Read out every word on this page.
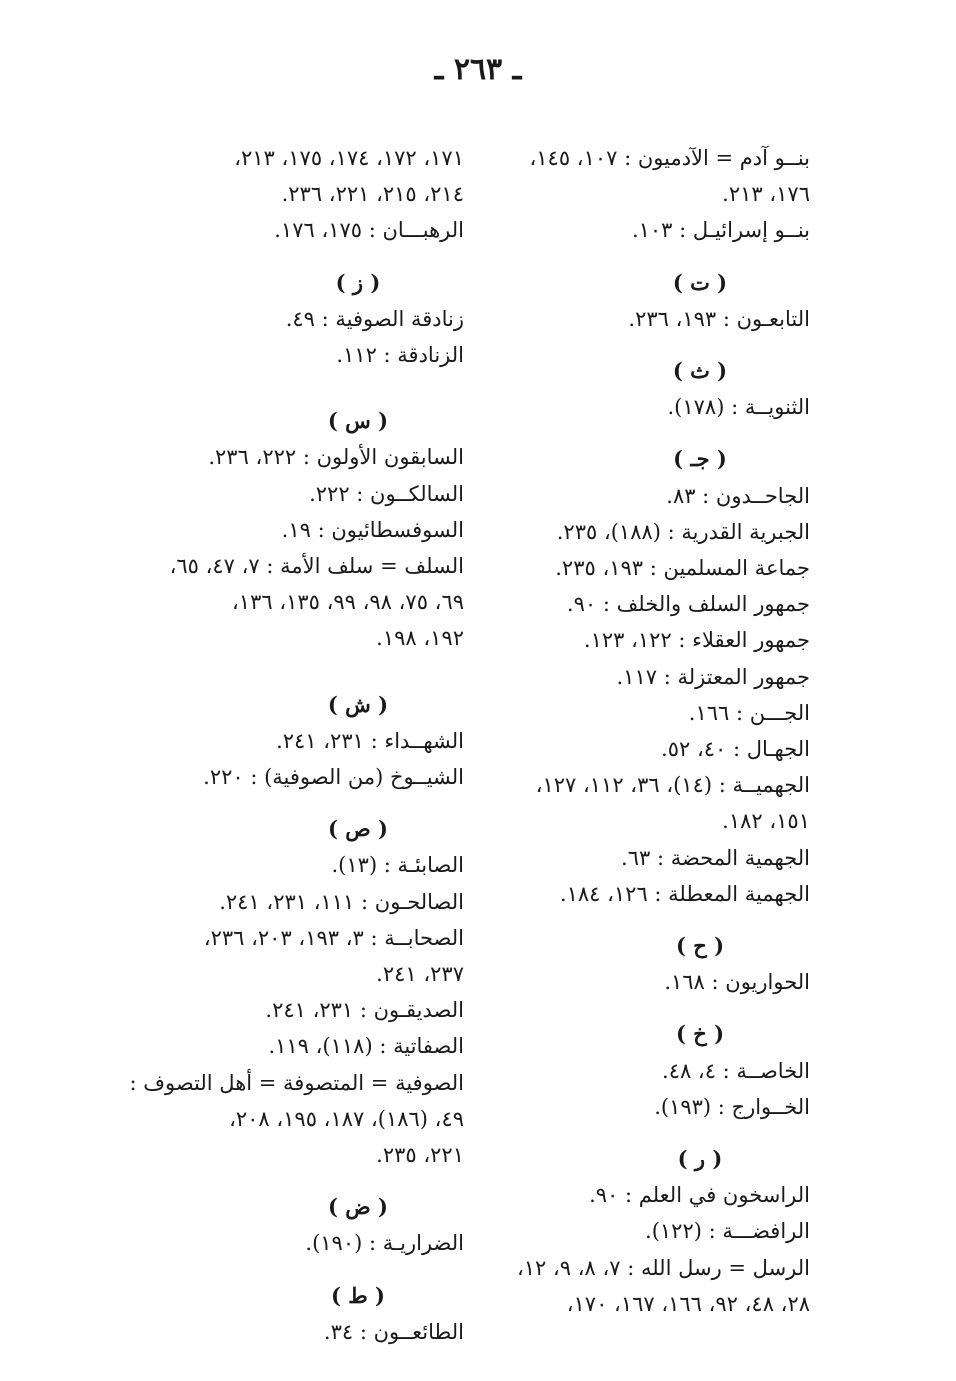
ـ ٢٦٣ ـ
بنــو آدم = الآدميون : ١٠٧، ١٤٥،
١٧٦، ٢١٣.
بنــو إسرائيـل : ١٠٣.
( ت )
التابعـون : ١٩٣، ٢٣٦.
( ث )
الثنويــة : (١٧٨).
( جـ )
الجاحــدون : ٨٣.
الجبرية القدرية : (١٨٨)، ٢٣٥.
جماعة المسلمين : ١٩٣، ٢٣٥.
جمهور السلف والخلف : ٩٠.
جمهور العقلاء : ١٢٢، ١٢٣.
جمهور المعتزلة : ١١٧.
الجـــن : ١٦٦.
الجهـال : ٤٠، ٥٢.
الجهميــة : (١٤)، ٣٦، ١١٢، ١٢٧،
١٥١، ١٨٢.
الجهمية المحضة : ٦٣.
الجهمية المعطلة : ١٢٦، ١٨٤.
( ح )
الحواريون : ١٦٨.
( خ )
الخاصــة : ٤، ٤٨.
الخــوارج : (١٩٣).
( ر )
الراسخون في العلم : ٩٠.
الرافضـــة : (١٢٢).
الرسل = رسل الله : ٧، ٨، ٩، ١٢،
٢٨، ٤٨، ٩٢، ١٦٦، ١٦٧، ١٧٠،
١٧١، ١٧٢، ١٧٤، ١٧٥، ٢١٣،
٢١٤، ٢١٥، ٢٢١، ٢٣٦.
الرهبـــان : ١٧٥، ١٧٦.
( ز )
زنادقة الصوفية : ٤٩.
الزنادقة : ١١٢.
( س )
السابقون الأولون : ٢٢٢، ٢٣٦.
السالكــون : ٢٢٢.
السوفسطائيون : ١٩.
السلف = سلف الأمة : ٧، ٤٧، ٦٥،
٦٩، ٧٥، ٩٨، ٩٩، ١٣٥، ١٣٦،
١٩٢، ١٩٨.
( ش )
الشهــداء : ٢٣١، ٢٤١.
الشيــوخ (من الصوفية) : ٢٢٠.
( ص )
الصابئـة : (١٣).
الصالحـون : ١١١، ٢٣١، ٢٤١.
الصحابــة : ٣، ١٩٣، ٢٠٣، ٢٣٦،
٢٣٧، ٢٤١.
الصديقـون : ٢٣١، ٢٤١.
الصفاتية : (١١٨)، ١١٩.
الصوفية = المتصوفة = أهل التصوف :
٤٩، (١٨٦)، ١٨٧، ١٩٥، ٢٠٨،
٢٢١، ٢٣٥.
( ض )
الضراريـة : (١٩٠).
( ط )
الطائعــون : ٣٤.
